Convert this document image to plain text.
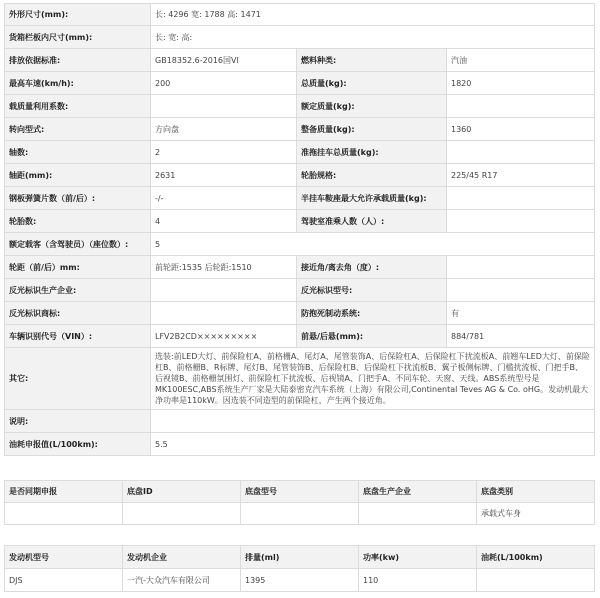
外形尺寸(mm):	长: 4296 宽: 1788 高: 1471		
货箱栏板内尺寸(mm):	长: 宽: 高:		
排放依据标准:	GB18352.6-2016国VI	燃料种类:	汽油
最高车速(km/h):	200	总质量(kg):	1820
载质量利用系数:		额定质量(kg):	
转向型式:	方向盘	整备质量(kg):	1360
轴数:	2	准拖挂车总质量(kg):	
轴距(mm):	2631	轮胎规格:	225/45 R17
钢板弹簧片数（前/后）:	-/-	半挂车鞍座最大允许承载质量(kg):	
轮胎数:	4	驾驶室准乘人数（人）:	
额定载客（含驾驶员）（座位数）:	5		
轮距（前/后）mm:	前轮距:1535 后轮距:1510	接近角/离去角（度）:	
反光标识生产企业:		反光标识型号:	
反光标识商标:		防抱死制动系统:	有
车辆识别代号（VIN）:	LFV2B2CD×××××××××	前悬/后悬(mm):	884/781
其它:	选装:前LED大灯、前保险杠A、前格栅A、尾灯A、尾管装饰A、后保险杠A、后保险杠下扰流板A、前翘车LED大灯、前保险杠B、前格栅B、R标牌、尾灯B、尾管装饰B、后保险杠B、后保险杠下扰流板B、翼子板侧标牌、门槛扰流板、门把手B、后视镜B、前格栅氛围灯、前保险杠下扰流板、后视镜A、门把手A、不同车轮、天窗、天线。ABS系统型号是MK100ESC,ABS系统生产厂家是大陆泰密克汽车系统（上海）有限公司,Continental Teves AG & Co. oHG。发动机最大净功率是110kW。因选装不同造型的前保险杠，产生两个接近角。		
说明:			
油耗申报值(L/100km):	5.5		
是否同期申报	底盘ID	底盘型号	底盘生产企业	底盘类别
				承载式车身
发动机型号	发动机企业	排量(ml)	功率(kw)	油耗(L/100km)
DJS	一汽-大众汽车有限公司	1395	110	
